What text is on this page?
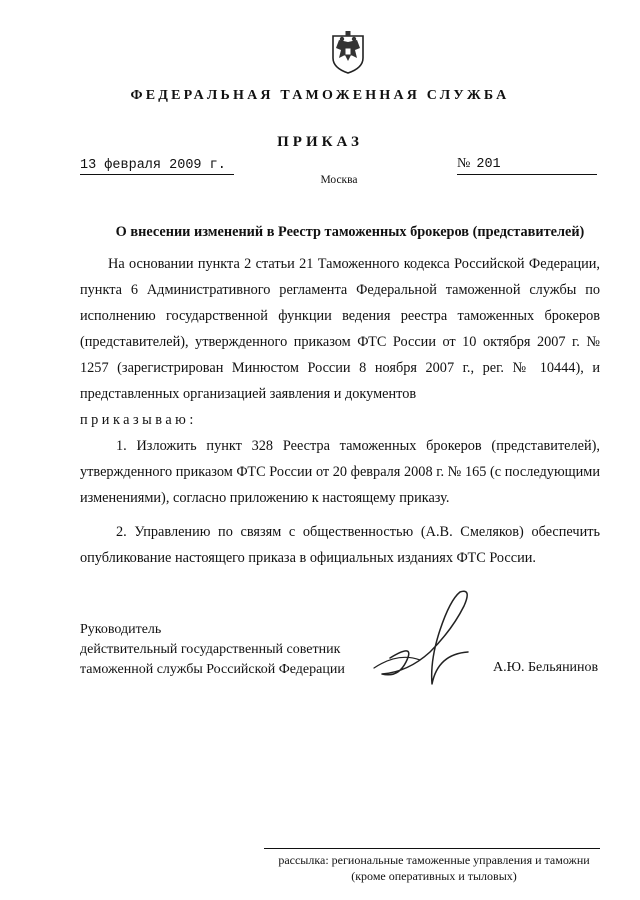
ФЕДЕРАЛЬНАЯ ТАМОЖЕННАЯ СЛУЖБА
ПРИКАЗ
13 февраля 2009 г.	№ 201
Москва
О внесении изменений в Реестр таможенных брокеров (представителей)

На основании пункта 2 статьи 21 Таможенного кодекса Российской Федерации, пункта 6 Административного регламента Федеральной таможенной службы по исполнению государственной функции ведения реестра таможенных брокеров (представителей), утвержденного приказом ФТС России от 10 октября 2007 г. № 1257 (зарегистрирован Минюстом России 8 ноября 2007 г., рег. № 10444), и представленных организацией заявления и документов

приказываю:

1. Изложить пункт 328 Реестра таможенных брокеров (представителей), утвержденного приказом ФТС России от 20 февраля 2008 г. № 165 (с последующими изменениями), согласно приложению к настоящему приказу.

2. Управлению по связям с общественностью (А.В. Смеляков) обеспечить опубликование настоящего приказа в официальных изданиях ФТС России.

Руководитель
действительный государственный советник
таможенной службы Российской Федерации	А.Ю. Бельянинов
рассылка: региональные таможенные управления и таможни
(кроме оперативных и тыловых)
